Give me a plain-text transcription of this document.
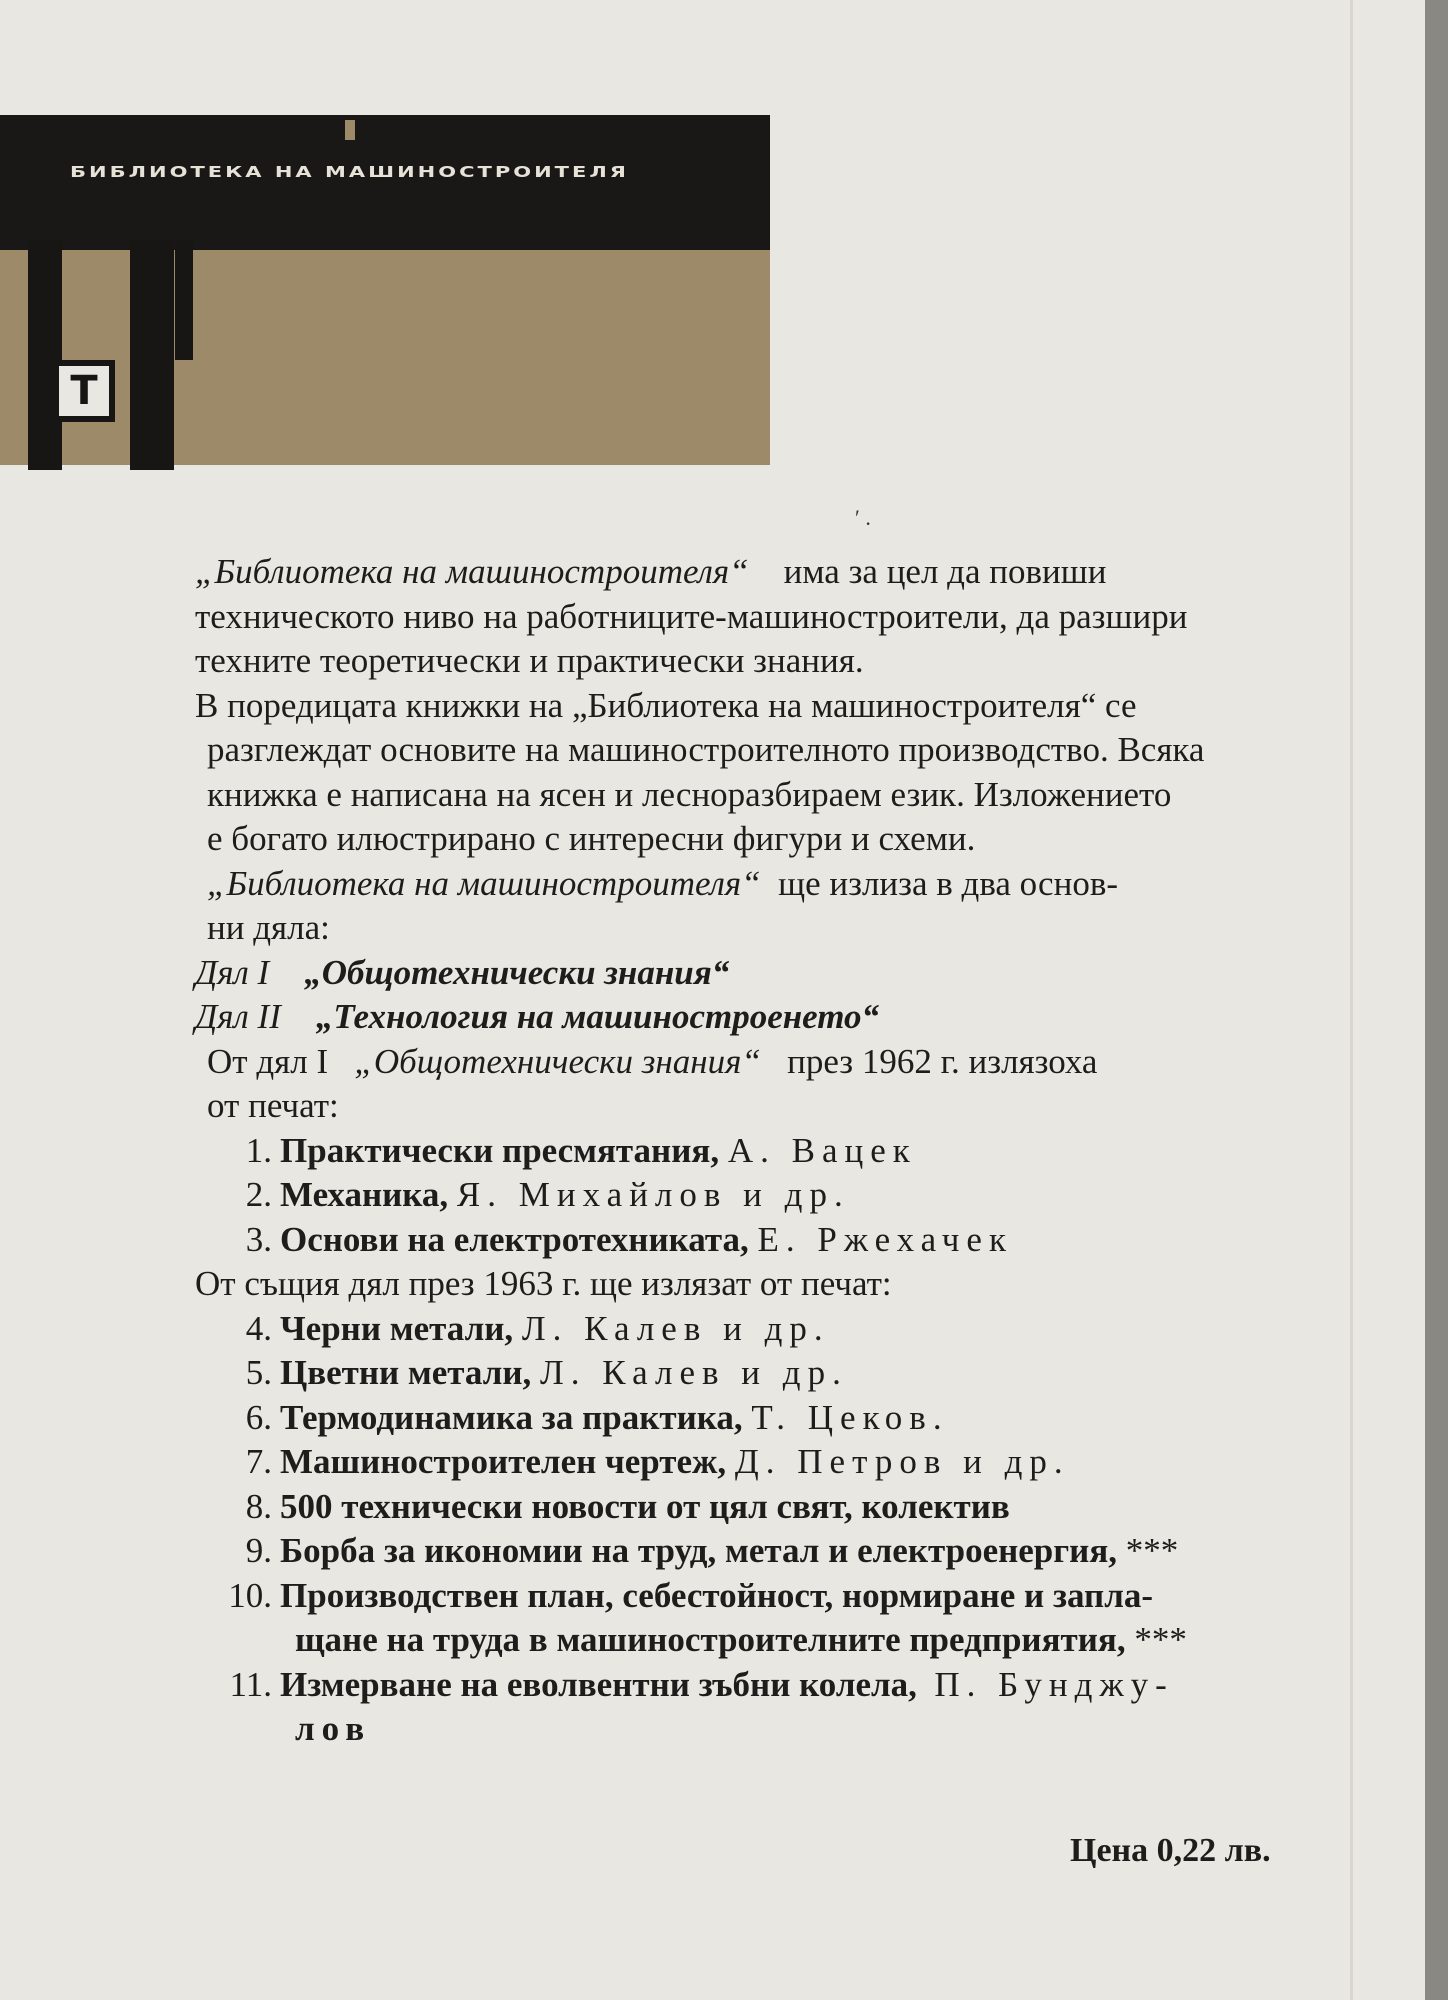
БИБЛИОТЕКА НА МАШИНОСТРОИТЕЛЯ
Т
′ .

„Библиотека на машиностроителя“ има за цел да повиши

техническото ниво на работниците-машиностроители, да разшири

техните теоретически и практически знания.

В поредицата книжки на „Библиотека на машиностроителя“ се

разглеждат основите на машиностроителното производство. Всяка

книжка е написана на ясен и лесноразбираем език. Изложението

е богато илюстрирано с интересни фигури и схеми.

„Библиотека на машиностроителя“ ще излиза в два основ-

ни дяла:

Дял I „Общотехнически знания“

Дял II „Технология на машиностроенето“

От дял I „Общотехнически знания“ през 1962 г. излязоха

от печат:

1. Практически пресмятания, А. Вацек

2. Механика, Я. Михайлов и др.

3. Основи на електротехниката, Е. Ржехачек

От същия дял през 1963 г. ще излязат от печат:

4. Черни метали, Л. Калев и др.

5. Цветни метали, Л. Калев и др.

6. Термодинамика за практика, Т. Цеков.

7. Машиностроителен чертеж, Д. Петров и др.

8. 500 технически новости от цял свят, колектив

9. Борба за икономии на труд, метал и електроенергия, ***

10. Производствен план, себестойност, нормиране и запла-

щане на труда в машиностроителните предприятия, ***

11. Измерване на еволвентни зъбни колела, П. Бунджу-

лов

Цена 0,22 лв.
